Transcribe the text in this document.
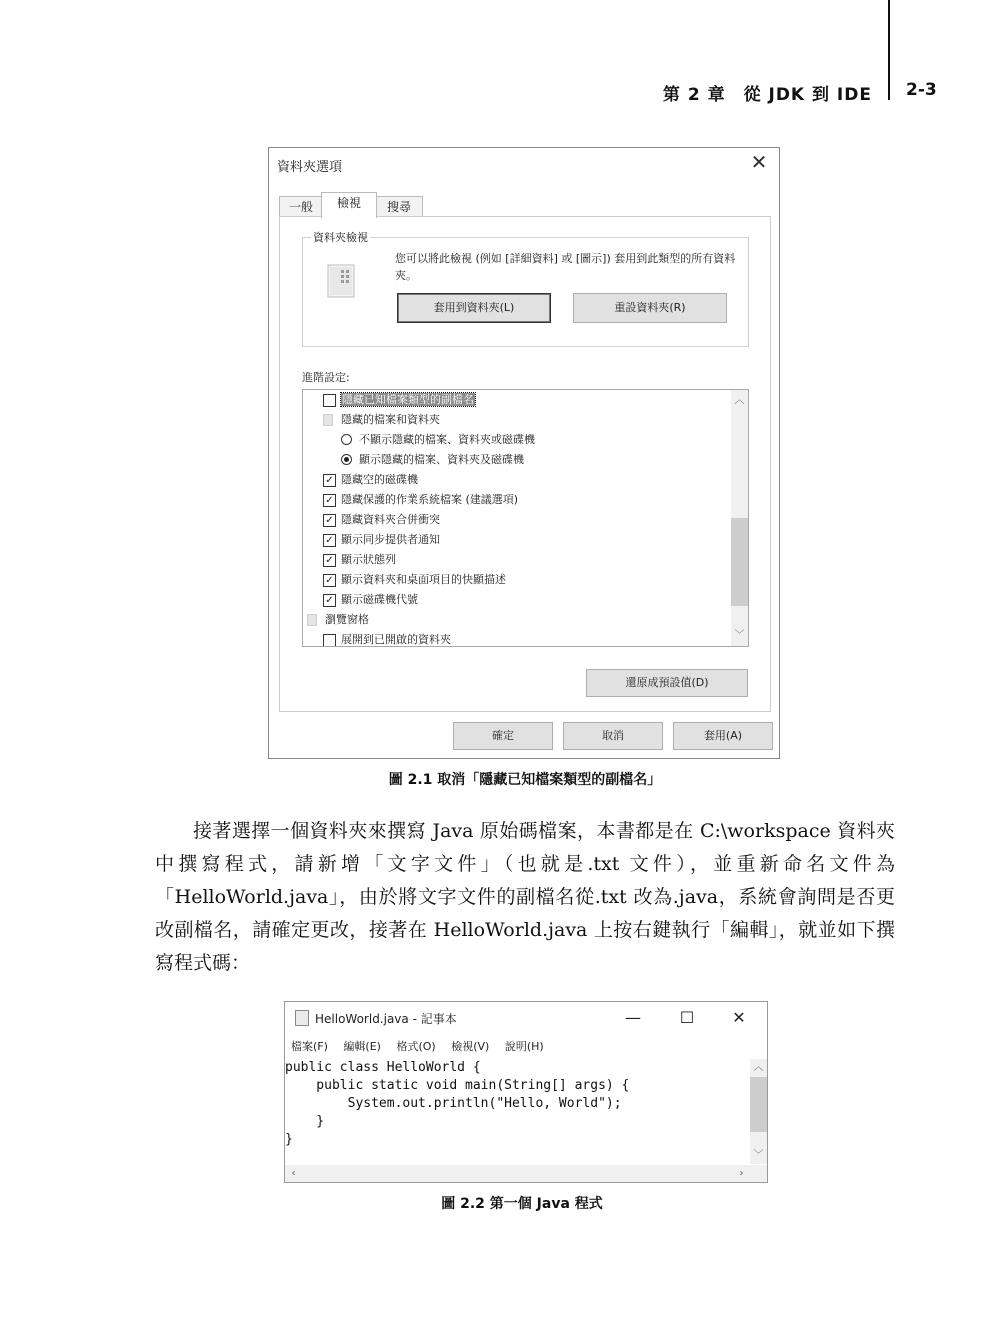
第 2 章　從 JDK 到 IDE 2-3
資料夾選項	✕
一般	檢視	搜尋
資料夾檢視
您可以將此檢視 (例如 [詳細資料] 或 [圖示]) 套用到此類型的所有資料夾。
套用到資料夾(L)	重設資料夾(R)
進階設定:
隱藏已知檔案類型的副檔名
隱藏的檔案和資料夾
不顯示隱藏的檔案、資料夾或磁碟機
顯示隱藏的檔案、資料夾及磁碟機
✓ 隱藏空的磁碟機
✓ 隱藏保護的作業系統檔案 (建議選項)
✓ 隱藏資料夾合併衝突
✓ 顯示同步提供者通知
✓ 顯示狀態列
✓ 顯示資料夾和桌面項目的快顯描述
✓ 顯示磁碟機代號
瀏覽窗格
展開到已開啟的資料夾
︿
﹀
還原成預設值(D)
確定	取消	套用(A)
圖 2.1 取消「隱藏已知檔案類型的副檔名」

接著選擇一個資料夾來撰寫 Java 原始碼檔案，本書都是在 C:\workspace 資料夾中撰寫程式，請新增「文字文件」（也就是.txt 文件），並重新命名文件為「HelloWorld.java」，由於將文字文件的副檔名從.txt 改為.java，系統會詢問是否更改副檔名，請確定更改，接著在 HelloWorld.java 上按右鍵執行「編輯」，就並如下撰寫程式碼：

HelloWorld.java - 記事本	—	☐	✕
檔案(F) 編輯(E) 格式(O) 檢視(V) 說明(H)
public class HelloWorld {
public static void main(String[] args) {
System.out.println("Hello, World");
}
}
︿
﹀
‹	›
圖 2.2 第一個 Java 程式
